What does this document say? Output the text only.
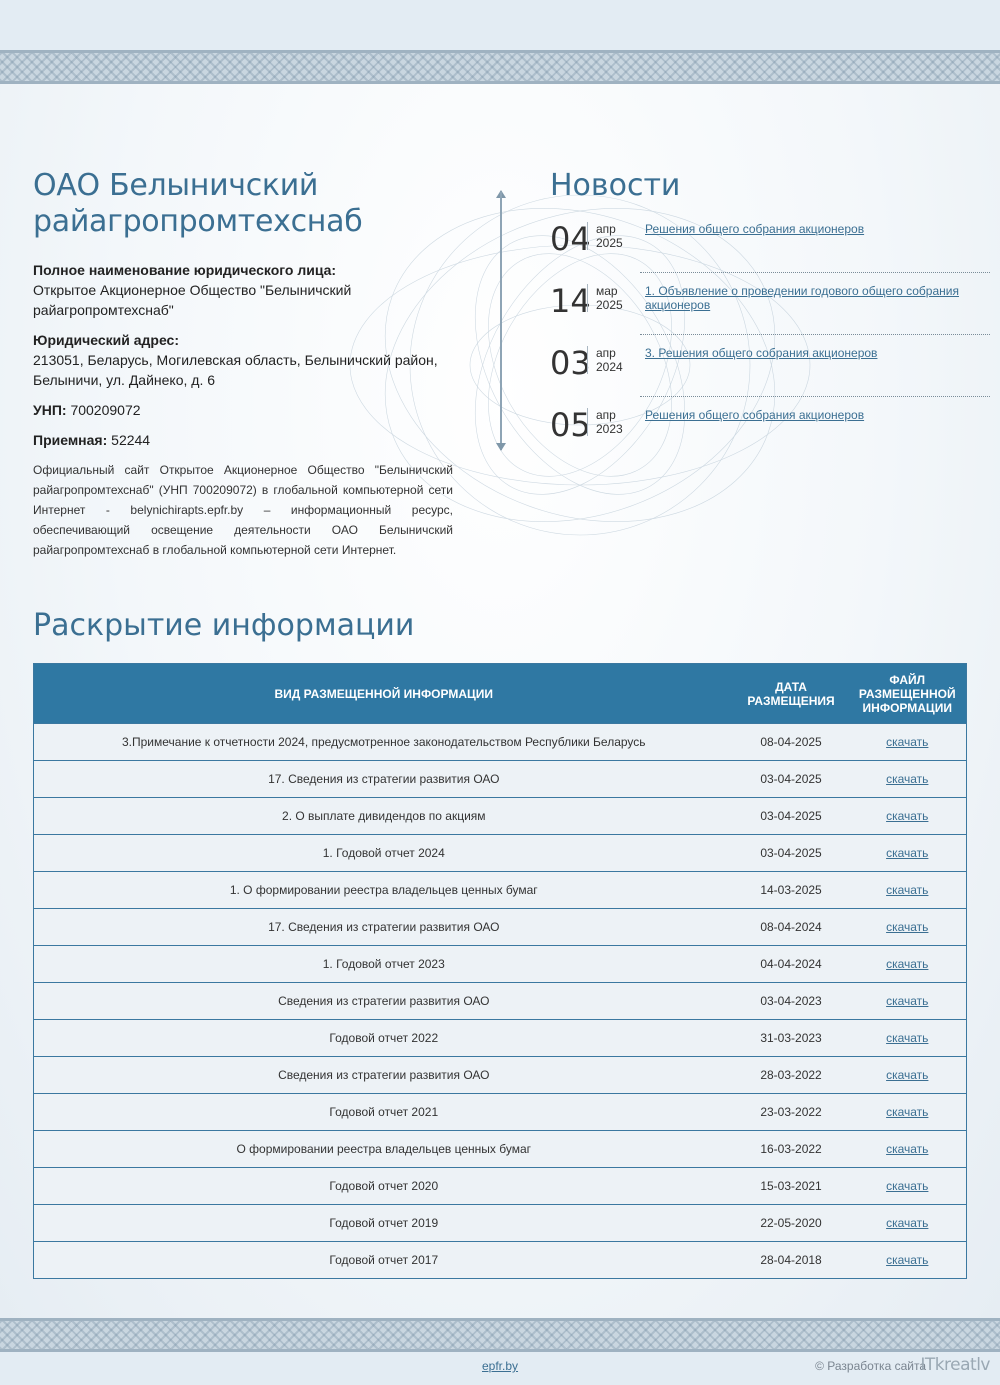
ОАО Белыничский райагропромтехснаб
Полное наименование юридического лица:
Открытое Акционерное Общество "Белыничский райагропромтехснаб"
Юридический адрес:
213051, Беларусь, Могилевская область, Белыничский район, Белыничи, ул. Дайнеко, д. 6
УНП: 700209072
Приемная: 52244

Официальный сайт Открытое Акционерное Общество "Белыничский райагропромтехснаб" (УНП 700209072) в глобальной компьютерной сети Интернет - belynichirapts.epfr.by – информационный ресурс, обеспечивающий освещение деятельности ОАО Белыничский райагропромтехснаб в глобальной компьютерной сети Интернет.

Новости
04 апр
2025
Решения общего собрания акционеров
14 мар
2025
1. Объявление о проведении годового общего собрания акционеров
03 апр
2024
3. Решения общего собрания акционеров
05 апр
2023
Решения общего собрания акционеров
Раскрытие информации
ВИД РАЗМЕЩЕННОЙ ИНФОРМАЦИИ	ДАТА РАЗМЕЩЕНИЯ	ФАЙЛ РАЗМЕЩЕННОЙ ИНФОРМАЦИИ
3.Примечание к отчетности 2024, предусмотренное законодательством Республики Беларусь	08-04-2025	скачать
17. Сведения из стратегии развития ОАО	03-04-2025	скачать
2. О выплате дивидендов по акциям	03-04-2025	скачать
1. Годовой отчет 2024	03-04-2025	скачать
1. О формировании реестра владельцев ценных бумаг	14-03-2025	скачать
17. Сведения из стратегии развития ОАО	08-04-2024	скачать
1. Годовой отчет 2023	04-04-2024	скачать
Сведения из стратегии развития ОАО	03-04-2023	скачать
Годовой отчет 2022	31-03-2023	скачать
Сведения из стратегии развития ОАО	28-03-2022	скачать
Годовой отчет 2021	23-03-2022	скачать
О формировании реестра владельцев ценных бумаг	16-03-2022	скачать
Годовой отчет 2020	15-03-2021	скачать
Годовой отчет 2019	22-05-2020	скачать
Годовой отчет 2017	28-04-2018	скачать
epfr.by	© Разработка сайта
ITkreatlv
